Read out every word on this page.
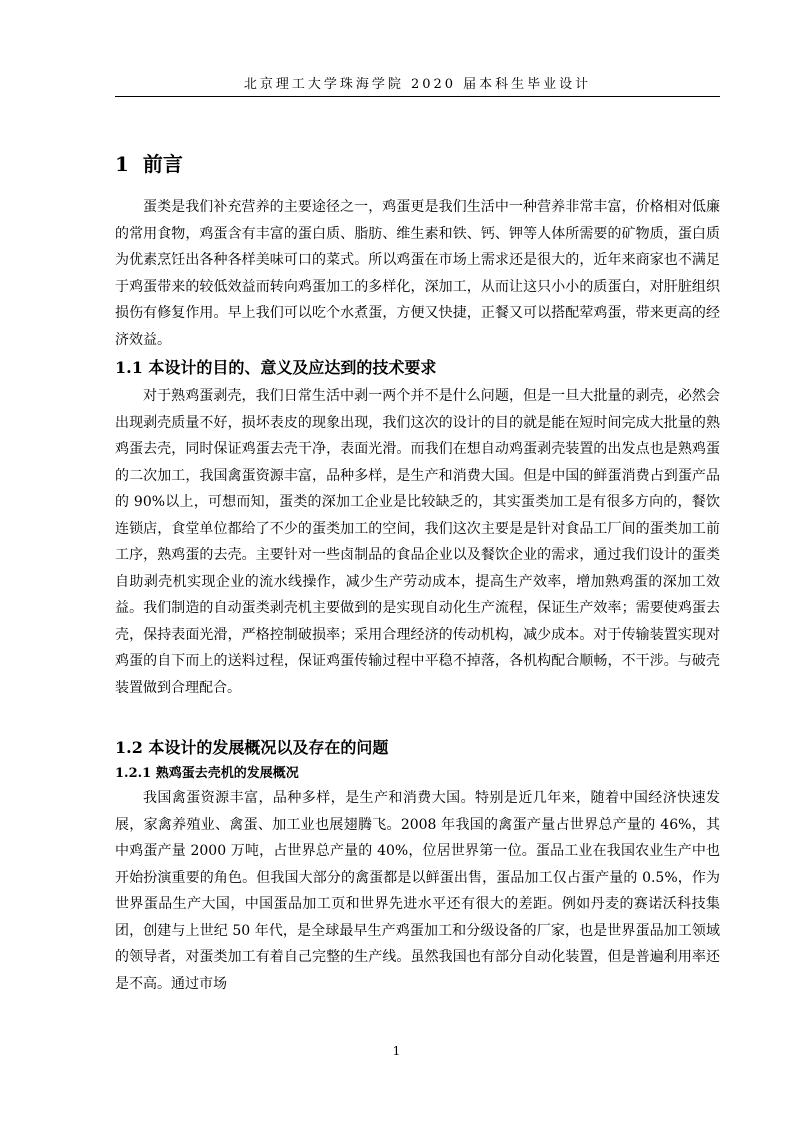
北京理工大学珠海学院 2020 届本科生毕业设计
1 前言

蛋类是我们补充营养的主要途径之一，鸡蛋更是我们生活中一种营养非常丰富，价格相对低廉的常用食物，鸡蛋含有丰富的蛋白质、脂肪、维生素和铁、钙、钾等人体所需要的矿物质，蛋白质为优素烹饪出各种各样美味可口的菜式。所以鸡蛋在市场上需求还是很大的，近年来商家也不满足于鸡蛋带来的较低效益而转向鸡蛋加工的多样化，深加工，从而让这只小小的质蛋白，对肝脏组织损伤有修复作用。早上我们可以吃个水煮蛋，方便又快捷，正餐又可以搭配荤鸡蛋，带来更高的经济效益。

1.1 本设计的目的、意义及应达到的技术要求

对于熟鸡蛋剥壳，我们日常生活中剥一两个并不是什么问题，但是一旦大批量的剥壳，必然会出现剥壳质量不好，损坏表皮的现象出现，我们这次的设计的目的就是能在短时间完成大批量的熟鸡蛋去壳，同时保证鸡蛋去壳干净，表面光滑。而我们在想自动鸡蛋剥壳装置的出发点也是熟鸡蛋的二次加工，我国禽蛋资源丰富，品种多样，是生产和消费大国。但是中国的鲜蛋消费占到蛋产品的 90%以上，可想而知，蛋类的深加工企业是比较缺乏的，其实蛋类加工是有很多方向的，餐饮连锁店，食堂单位都给了不少的蛋类加工的空间，我们这次主要是是针对食品工厂间的蛋类加工前工序，熟鸡蛋的去壳。主要针对一些卤制品的食品企业以及餐饮企业的需求，通过我们设计的蛋类自助剥壳机实现企业的流水线操作，减少生产劳动成本，提高生产效率，增加熟鸡蛋的深加工效益。我们制造的自动蛋类剥壳机主要做到的是实现自动化生产流程，保证生产效率；需要使鸡蛋去壳，保持表面光滑，严格控制破损率；采用合理经济的传动机构，减少成本。对于传输装置实现对鸡蛋的自下而上的送料过程，保证鸡蛋传输过程中平稳不掉落，各机构配合顺畅，不干涉。与破壳装置做到合理配合。

1.2 本设计的发展概况以及存在的问题
1.2.1 熟鸡蛋去壳机的发展概况

我国禽蛋资源丰富，品种多样，是生产和消费大国。特别是近几年来，随着中国经济快速发展，家禽养殖业、禽蛋、加工业也展翅腾飞。2008 年我国的禽蛋产量占世界总产量的 46%，其中鸡蛋产量 2000 万吨，占世界总产量的 40%，位居世界第一位。蛋品工业在我国农业生产中也开始扮演重要的角色。但我国大部分的禽蛋都是以鲜蛋出售，蛋品加工仅占蛋产量的 0.5%，作为世界蛋品生产大国，中国蛋品加工页和世界先进水平还有很大的差距。例如丹麦的赛诺沃科技集团，创建与上世纪 50 年代，是全球最早生产鸡蛋加工和分级设备的厂家，也是世界蛋品加工领域的领导者，对蛋类加工有着自己完整的生产线。虽然我国也有部分自动化装置，但是普遍利用率还是不高。通过市场

1
